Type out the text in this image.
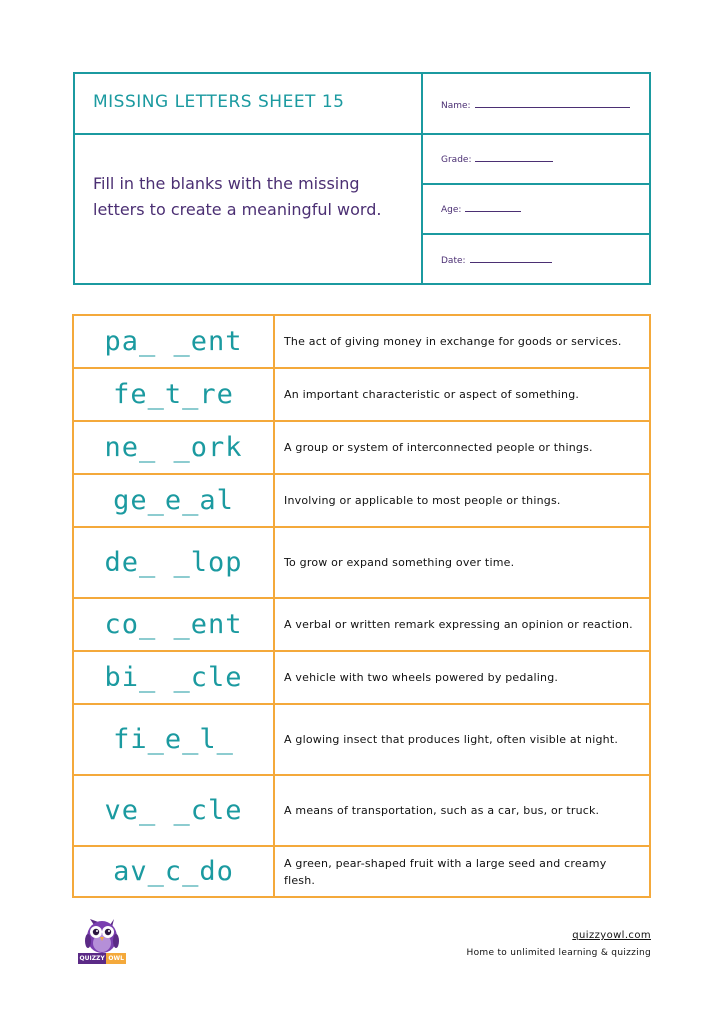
MISSING LETTERS SHEET 15
Fill in the blanks with the missing letters to create a meaningful word.
Name:
Grade:
Age:
Date:
pa_ _ent	The act of giving money in exchange for goods or services.
fe_t_re	An important characteristic or aspect of something.
ne_ _ork	A group or system of interconnected people or things.
ge_e_al	Involving or applicable to most people or things.
de_ _lop	To grow or expand something over time.
co_ _ent	A verbal or written remark expressing an opinion or reaction.
bi_ _cle	A vehicle with two wheels powered by pedaling.
fi_e_l_	A glowing insect that produces light, often visible at night.
ve_ _cle	A means of transportation, such as a car, bus, or truck.
av_c_do	A green, pear-shaped fruit with a large seed and creamy flesh.
QUIZZY OWL
quizzyowl.com
Home to unlimited learning & quizzing
